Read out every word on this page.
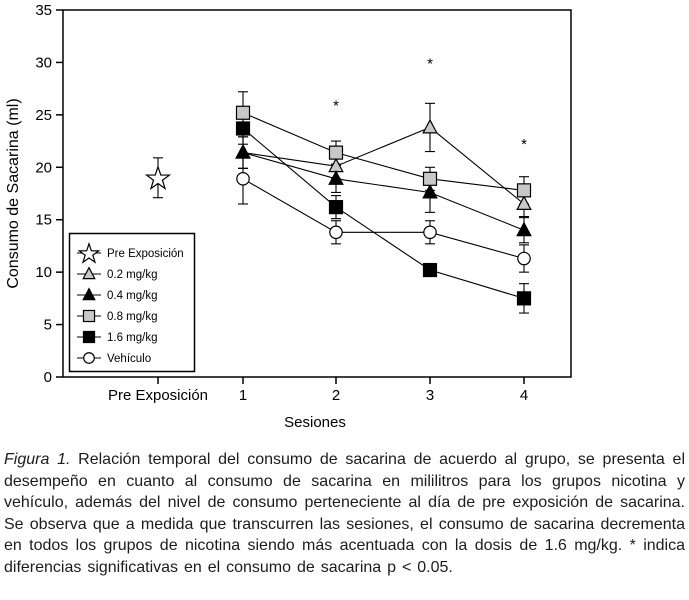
0
5
10
15
20
25
30
35
Consumo de Sacarina (ml)
Pre Exposición 1	2	3	4
Sesiones
*
*
*
Pre Exposición
0.2 mg/kg
0.4 mg/kg
0.8 mg/kg
1.6 mg/kg
Vehículo

Figura 1. Relación temporal del consumo de sacarina de acuerdo al grupo, se presenta el desempeño en cuanto al consumo de sacarina en mililitros para los grupos nicotina y vehículo, además del nivel de consumo perteneciente al día de pre exposición de sacarina. Se observa que a medida que transcurren las sesiones, el consumo de sacarina decrementa en todos los grupos de nicotina siendo más acentuada con la dosis de 1.6 mg/kg. * indica diferencias significativas en el consumo de sacarina p < 0.05.
